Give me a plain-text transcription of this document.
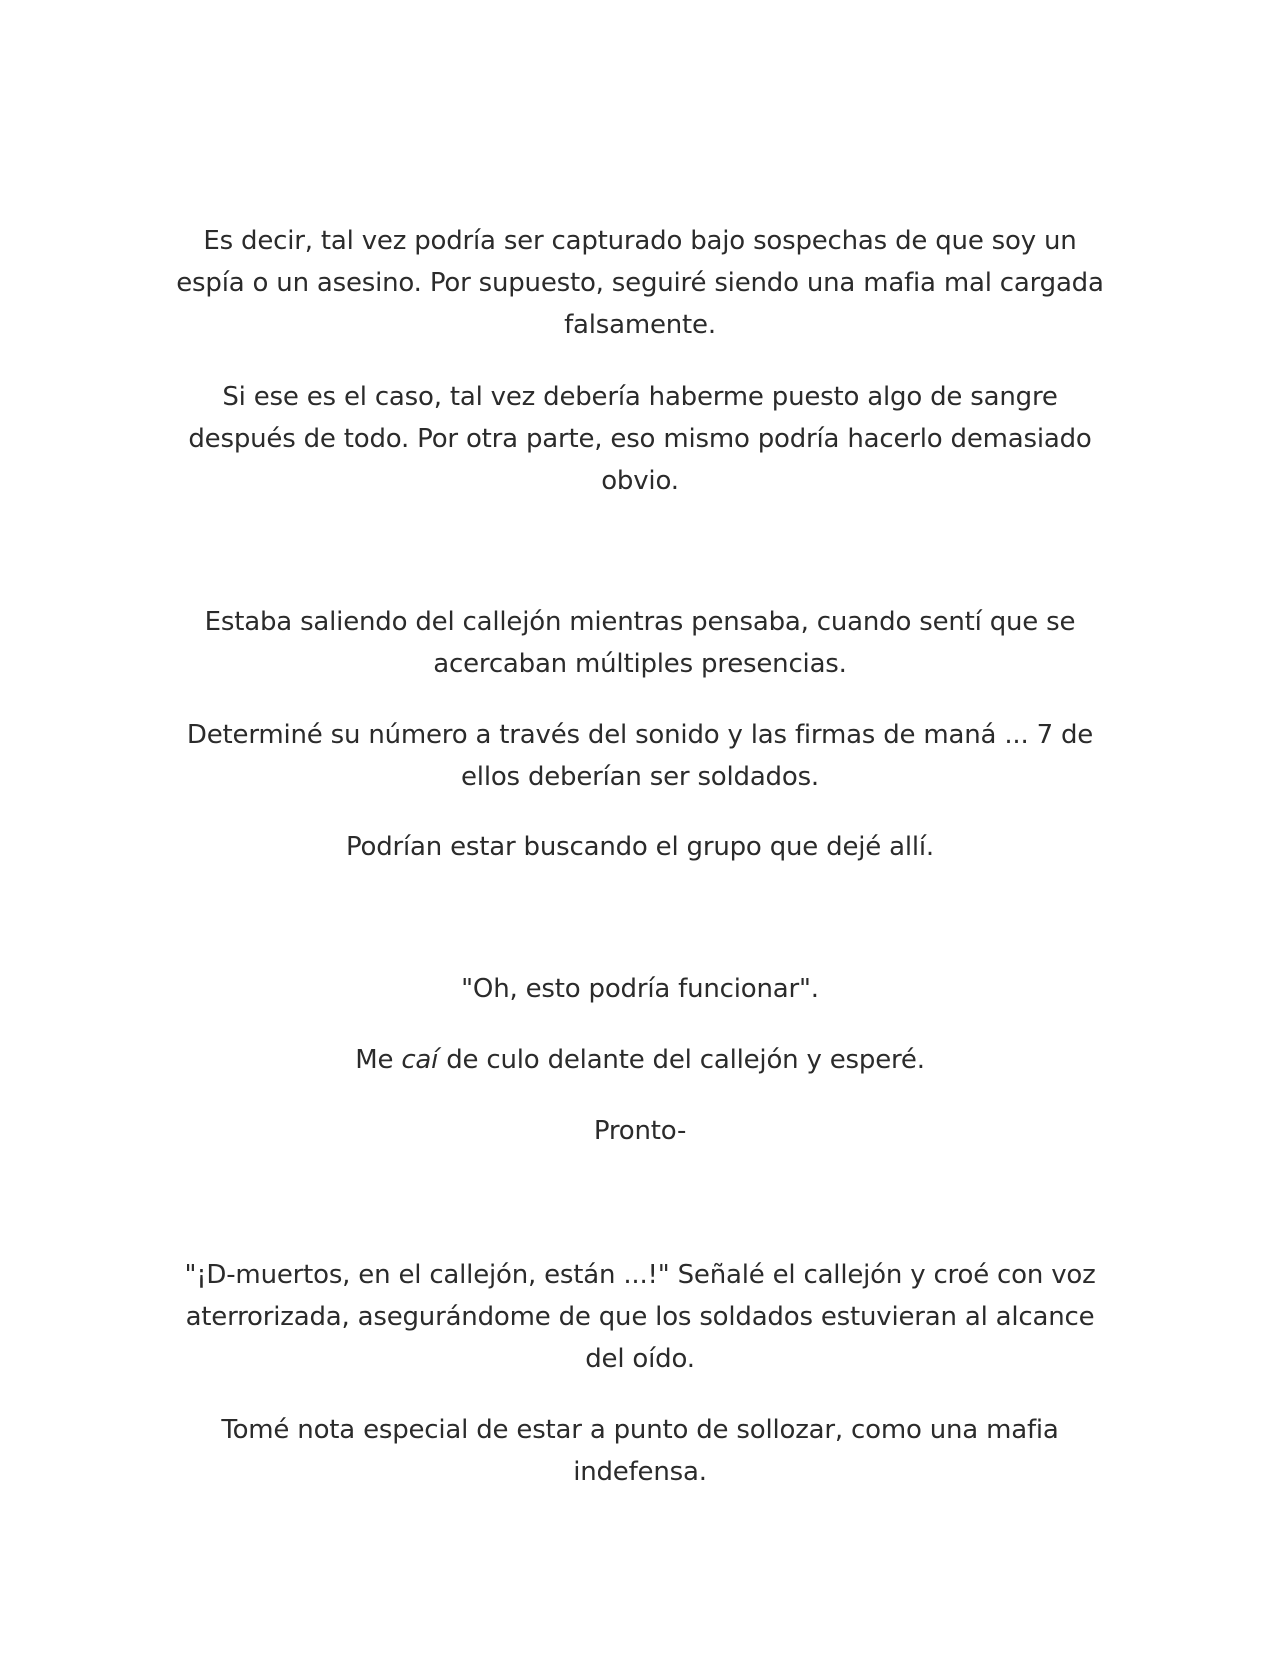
Es decir, tal vez podría ser capturado bajo sospechas de que soy un espía o un asesino. Por supuesto, seguiré siendo una mafia mal cargada falsamente.

Si ese es el caso, tal vez debería haberme puesto algo de sangre después de todo. Por otra parte, eso mismo podría hacerlo demasiado obvio.

Estaba saliendo del callejón mientras pensaba, cuando sentí que se acercaban múltiples presencias.

Determiné su número a través del sonido y las firmas de maná ... 7 de ellos deberían ser soldados.

Podrían estar buscando el grupo que dejé allí.

"Oh, esto podría funcionar".

Me caí de culo delante del callejón y esperé.

Pronto-

"¡D-muertos, en el callejón, están ...!" Señalé el callejón y croé con voz aterrorizada, asegurándome de que los soldados estuvieran al alcance del oído.

Tomé nota especial de estar a punto de sollozar, como una mafia indefensa.
